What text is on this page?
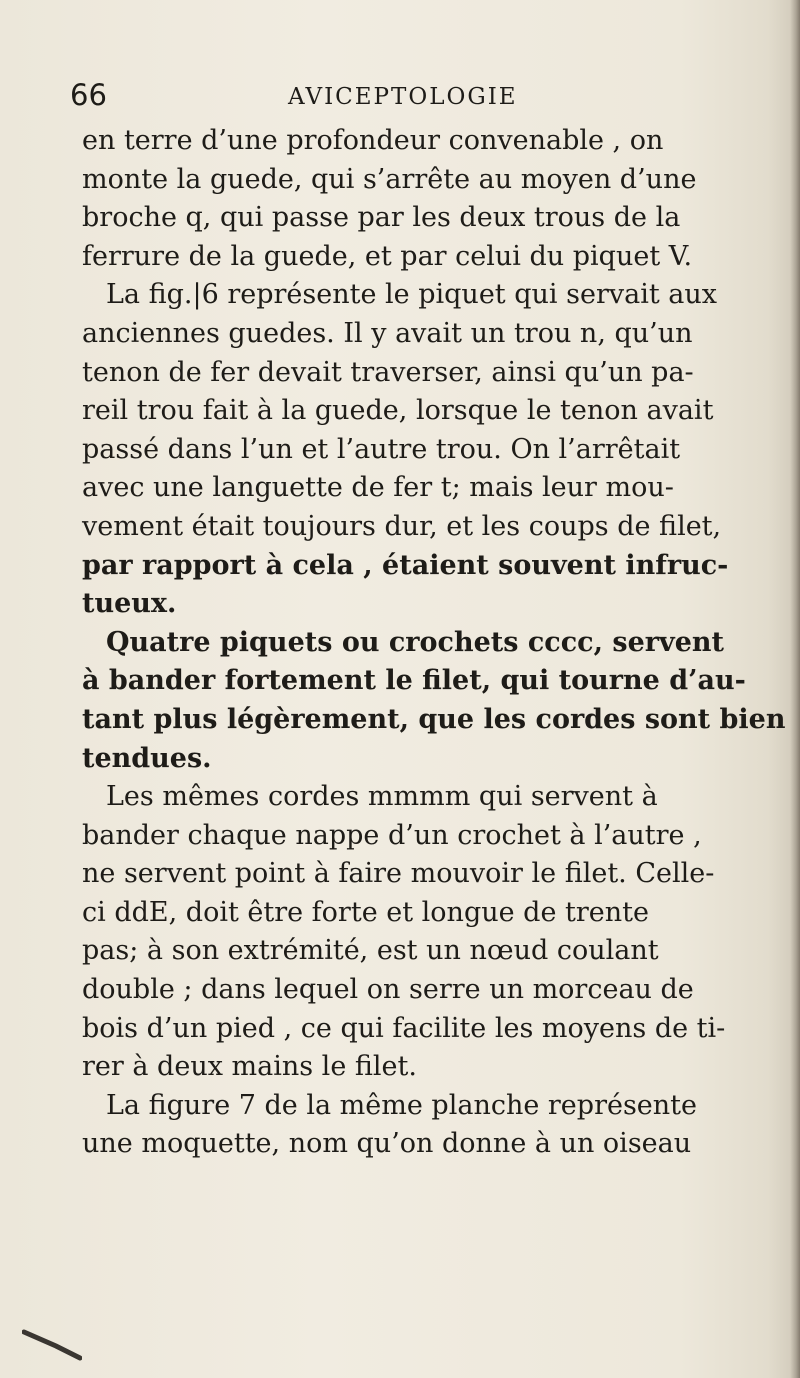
66	AVICEPTOLOGIE
en terre d’une profondeur convenable , on
monte la guede, qui s’arrête au moyen d’une
broche q, qui passe par les deux trous de la
ferrure de la guede, et par celui du piquet V.
La fig.|6 représente le piquet qui servait aux
anciennes guedes. Il y avait un trou n, qu’un
tenon de fer devait traverser, ainsi qu’un pa-
reil trou fait à la guede, lorsque le tenon avait
passé dans l’un et l’autre trou. On l’arrêtait
avec une languette de fer t; mais leur mou-
vement était toujours dur, et les coups de filet,
par rapport à cela , étaient souvent infruc-
tueux.
Quatre piquets ou crochets cccc, servent
à bander fortement le filet, qui tourne d’au-
tant plus légèrement, que les cordes sont bien
tendues.
Les mêmes cordes mmmm qui servent à
bander chaque nappe d’un crochet à l’autre ,
ne servent point à faire mouvoir le filet. Celle-
ci ddE, doit être forte et longue de trente
pas; à son extrémité, est un nœud coulant
double ; dans lequel on serre un morceau de
bois d’un pied , ce qui facilite les moyens de ti-
rer à deux mains le filet.
La figure 7 de la même planche représente
une moquette, nom qu’on donne à un oiseau
